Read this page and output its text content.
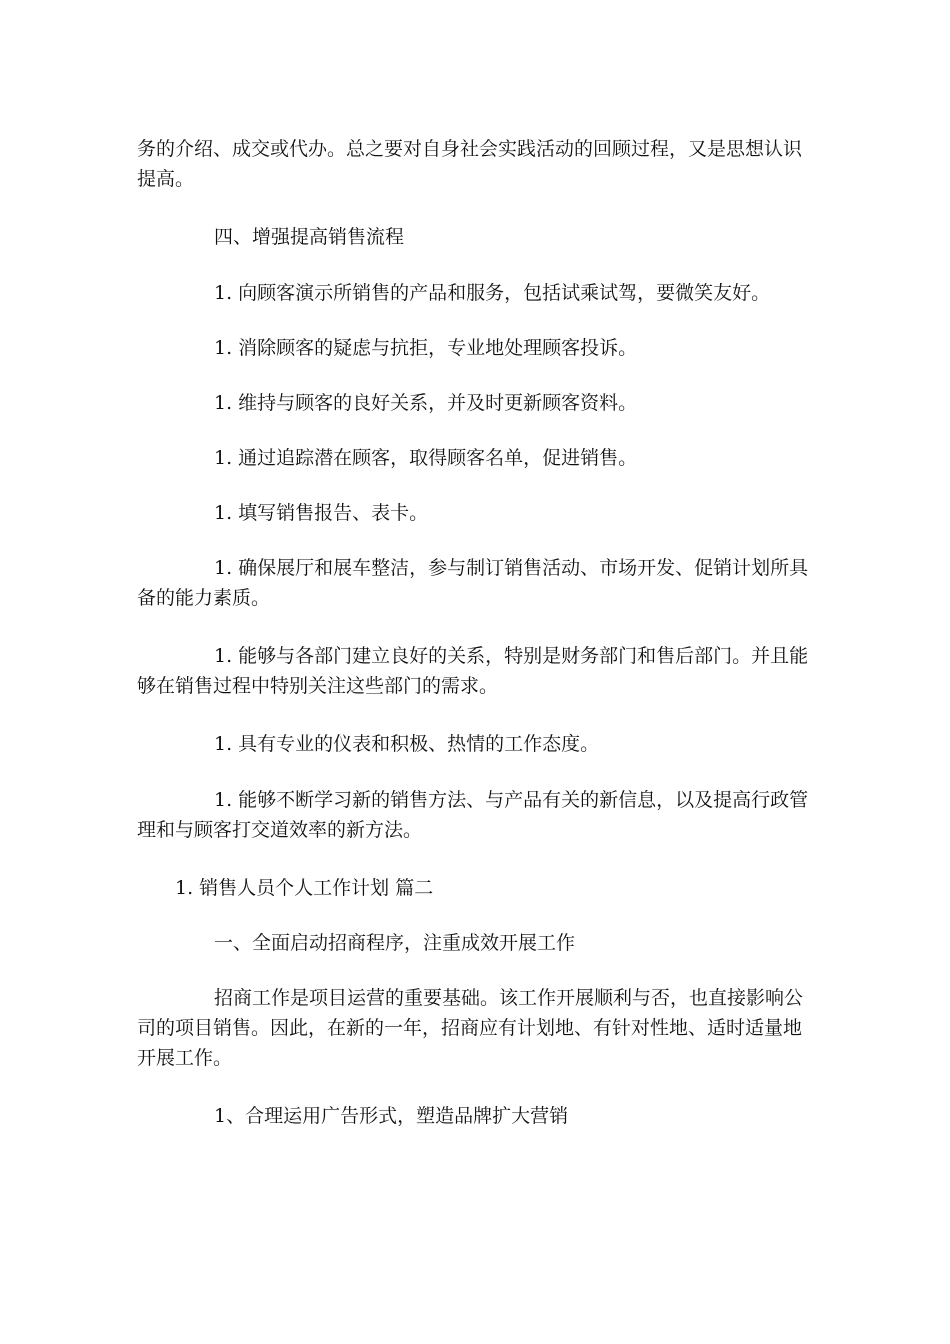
务的介绍、成交或代办。总之要对自身社会实践活动的回顾过程，又是思想认识提高。

四、增强提高销售流程

1. 向顾客演示所销售的产品和服务，包括试乘试驾，要微笑友好。

1. 消除顾客的疑虑与抗拒，专业地处理顾客投诉。

1. 维持与顾客的良好关系，并及时更新顾客资料。

1. 通过追踪潜在顾客，取得顾客名单，促进销售。

1. 填写销售报告、表卡。

1. 确保展厅和展车整洁，参与制订销售活动、市场开发、促销计划所具备的能力素质。

1. 能够与各部门建立良好的关系，特别是财务部门和售后部门。并且能够在销售过程中特别关注这些部门的需求。

1. 具有专业的仪表和积极、热情的工作态度。

1. 能够不断学习新的销售方法、与产品有关的新信息，以及提高行政管理和与顾客打交道效率的新方法。

1. 销售人员个人工作计划 篇二

一、全面启动招商程序，注重成效开展工作

招商工作是项目运营的重要基础。该工作开展顺利与否，也直接影响公司的项目销售。因此，在新的一年，招商应有计划地、有针对性地、适时适量地开展工作。

1、合理运用广告形式，塑造品牌扩大营销
